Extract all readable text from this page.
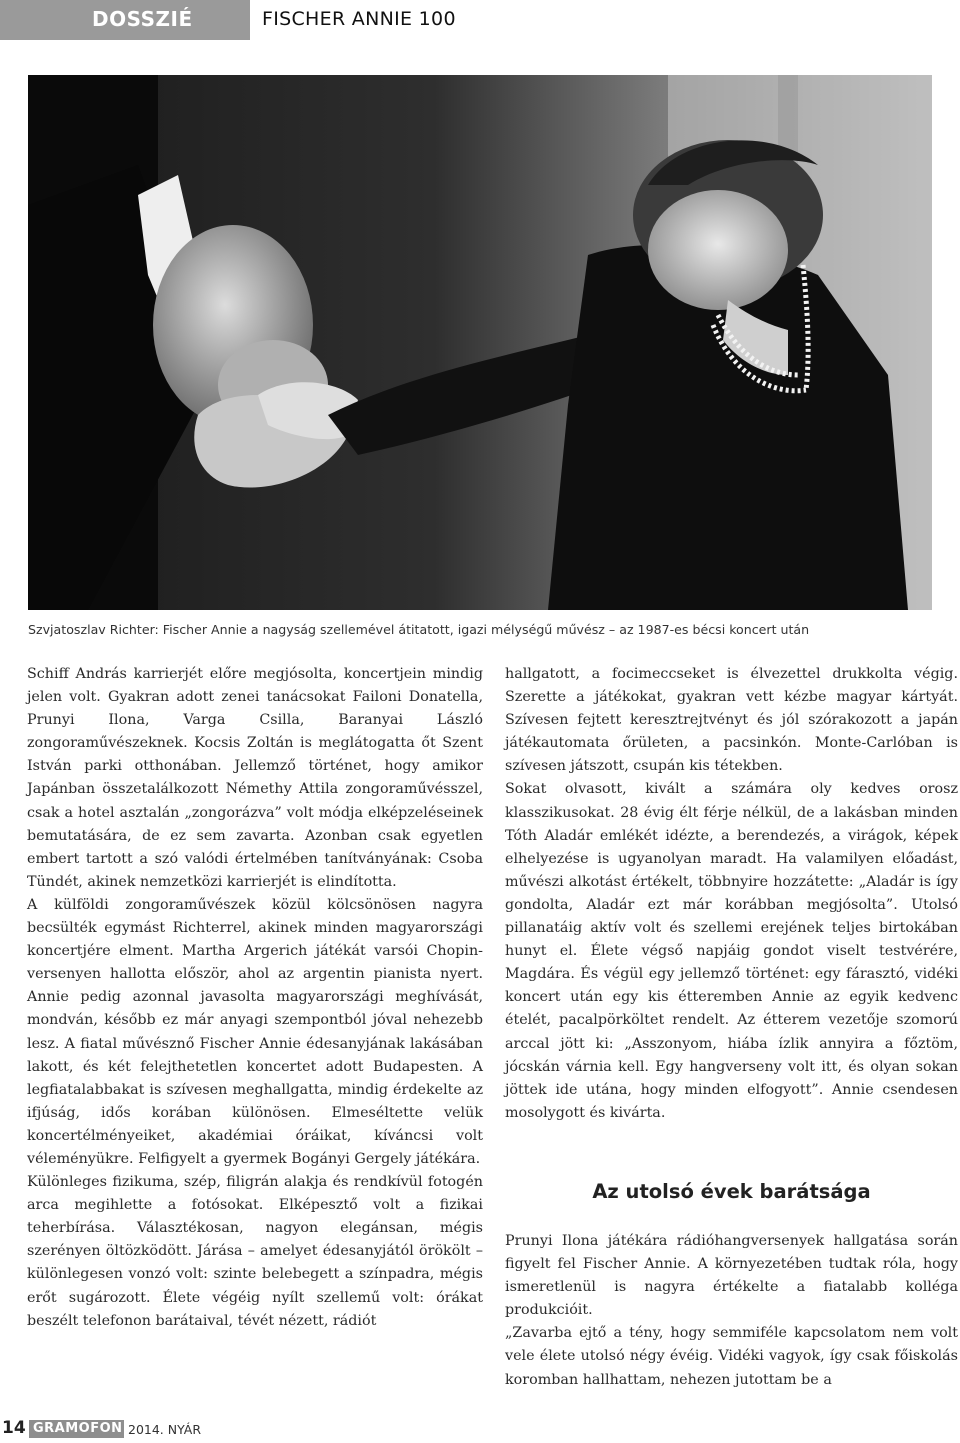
DOSSZIÉ	FISCHER ANNIE 100
Szvjatoszlav Richter: Fischer Annie a nagyság szellemével átitatott, igazi mélységű művész – az 1987-es bécsi koncert után

Schiff András karrierjét előre megjósolta, koncertjein mindig jelen volt. Gyakran adott zenei tanácsokat Failoni Donatella, Prunyi Ilona, Varga Csilla, Baranyai László zongoraművészeknek. Kocsis Zoltán is meglátogatta őt Szent István parki otthonában. Jellemző történet, hogy amikor Japánban összetalálkozott Némethy Attila zongoraművésszel, csak a hotel asztalán „zongorázva” volt módja elképzeléseinek bemutatására, de ez sem zavarta. Azonban csak egyetlen embert tartott a szó valódi értelmében tanítványának: Csoba Tündét, akinek nemzetközi karrierjét is elindította.

A külföldi zongoraművészek közül kölcsönösen nagyra becsülték egymást Richterrel, akinek minden magyarországi koncertjére elment. Martha Argerich játékát varsói Chopin-versenyen hallotta először, ahol az argentin pianista nyert. Annie pedig azonnal javasolta magyarországi meghívását, mondván, később ez már anyagi szempontból jóval nehezebb lesz. A fiatal művésznő Fischer Annie édesanyjának lakásában lakott, és két felejthetetlen koncertet adott Budapesten. A legfiatalabbakat is szívesen meghallgatta, mindig érdekelte az ifjúság, idős korában különösen. Elmeséltette velük koncertélményeiket, akadémiai óráikat, kíváncsi volt véleményükre. Felfigyelt a gyermek Bogányi Gergely játékára.

Különleges fizikuma, szép, filigrán alakja és rendkívül fotogén arca megihlette a fotósokat. Elképesztő volt a fizikai teherbírása. Választékosan, nagyon elegánsan, mégis szerényen öltözködött. Járása – amelyet édesanyjától örökölt – különlegesen vonzó volt: szinte belebegett a színpadra, mégis erőt sugározott. Élete végéig nyílt szellemű volt: órákat beszélt telefonon barátaival, tévét nézett, rádiót

hallgatott, a focimeccseket is élvezettel drukkolta végig. Szerette a játékokat, gyakran vett kézbe magyar kártyát. Szívesen fejtett keresztrejtvényt és jól szórakozott a japán játékautomata őrületen, a pacsinkón. Monte-Carlóban is szívesen játszott, csupán kis tétekben.

Sokat olvasott, kivált a számára oly kedves orosz klasszikusokat. 28 évig élt férje nélkül, de a lakásban minden Tóth Aladár emlékét idézte, a berendezés, a virágok, képek elhelyezése is ugyanolyan maradt. Ha valamilyen előadást, művészi alkotást értékelt, többnyire hozzátette: „Aladár is így gondolta, Aladár ezt már korábban megjósolta”. Utolsó pillanatáig aktív volt és szellemi erejének teljes birtokában hunyt el. Élete végső napjáig gondot viselt testvérére, Magdára. És végül egy jellemző történet: egy fárasztó, vidéki koncert után egy kis étteremben Annie az egyik kedvenc ételét, pacalpörköltet rendelt. Az étterem vezetője szomorú arccal jött ki: „Asszonyom, hiába ízlik annyira a főztöm, jócskán várnia kell. Egy hangverseny volt itt, és olyan sokan jöttek ide utána, hogy minden elfogyott”. Annie csendesen mosolygott és kivárta.

Az utolsó évek barátsága

Prunyi Ilona játékára rádióhangversenyek hallgatása során figyelt fel Fischer Annie. A környezetében tudtak róla, hogy ismeretlenül is nagyra értékelte a fiatalabb kollégа produkcióit.

„Zavarba ejtő a tény, hogy semmiféle kapcsolatom nem volt vele élete utolsó négy évéig. Vidéki vagyok, így csak főiskolás koromban hallhattam, nehezen jutottam be a

14 GRAMOFON 2014. NYÁR
